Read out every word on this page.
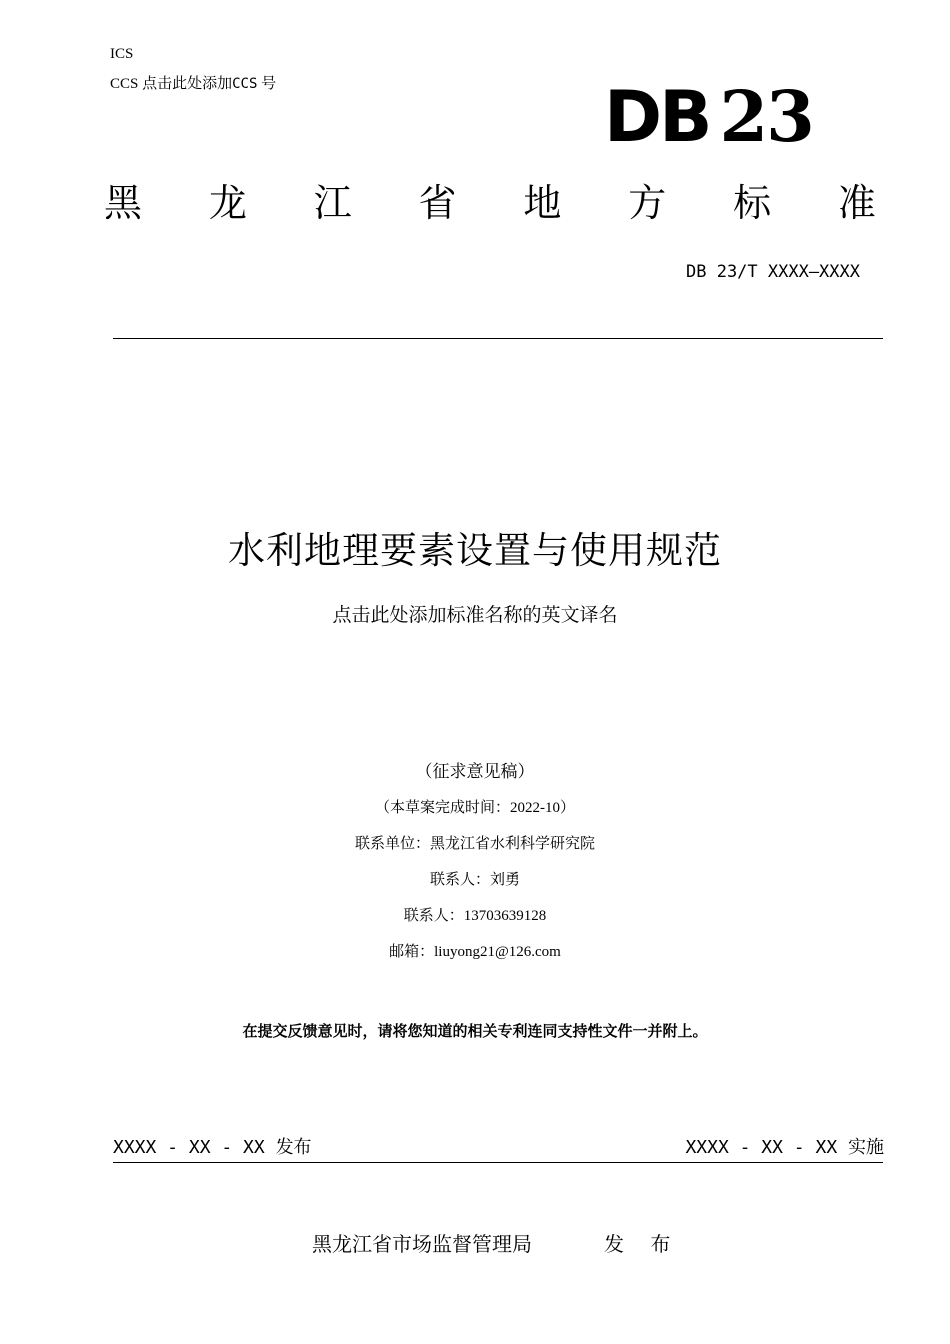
ICS
CCS 点击此处添加CCS 号	DB 23
黑 龙 江 省 地 方 标 准
DB 23/T XXXX—XXXX
水利地理要素设置与使用规范
点击此处添加标准名称的英文译名
（征求意见稿）
（本草案完成时间：2022-10）
联系单位：黑龙江省水利科学研究院
联系人：刘勇
联系人：13703639128
邮箱：liuyong21@126.com
在提交反馈意见时，请将您知道的相关专利连同支持性文件一并附上。
XXXX - XX - XX 发布	XXXX - XX - XX 实施
黑龙江省市场监督管理局	发 布
